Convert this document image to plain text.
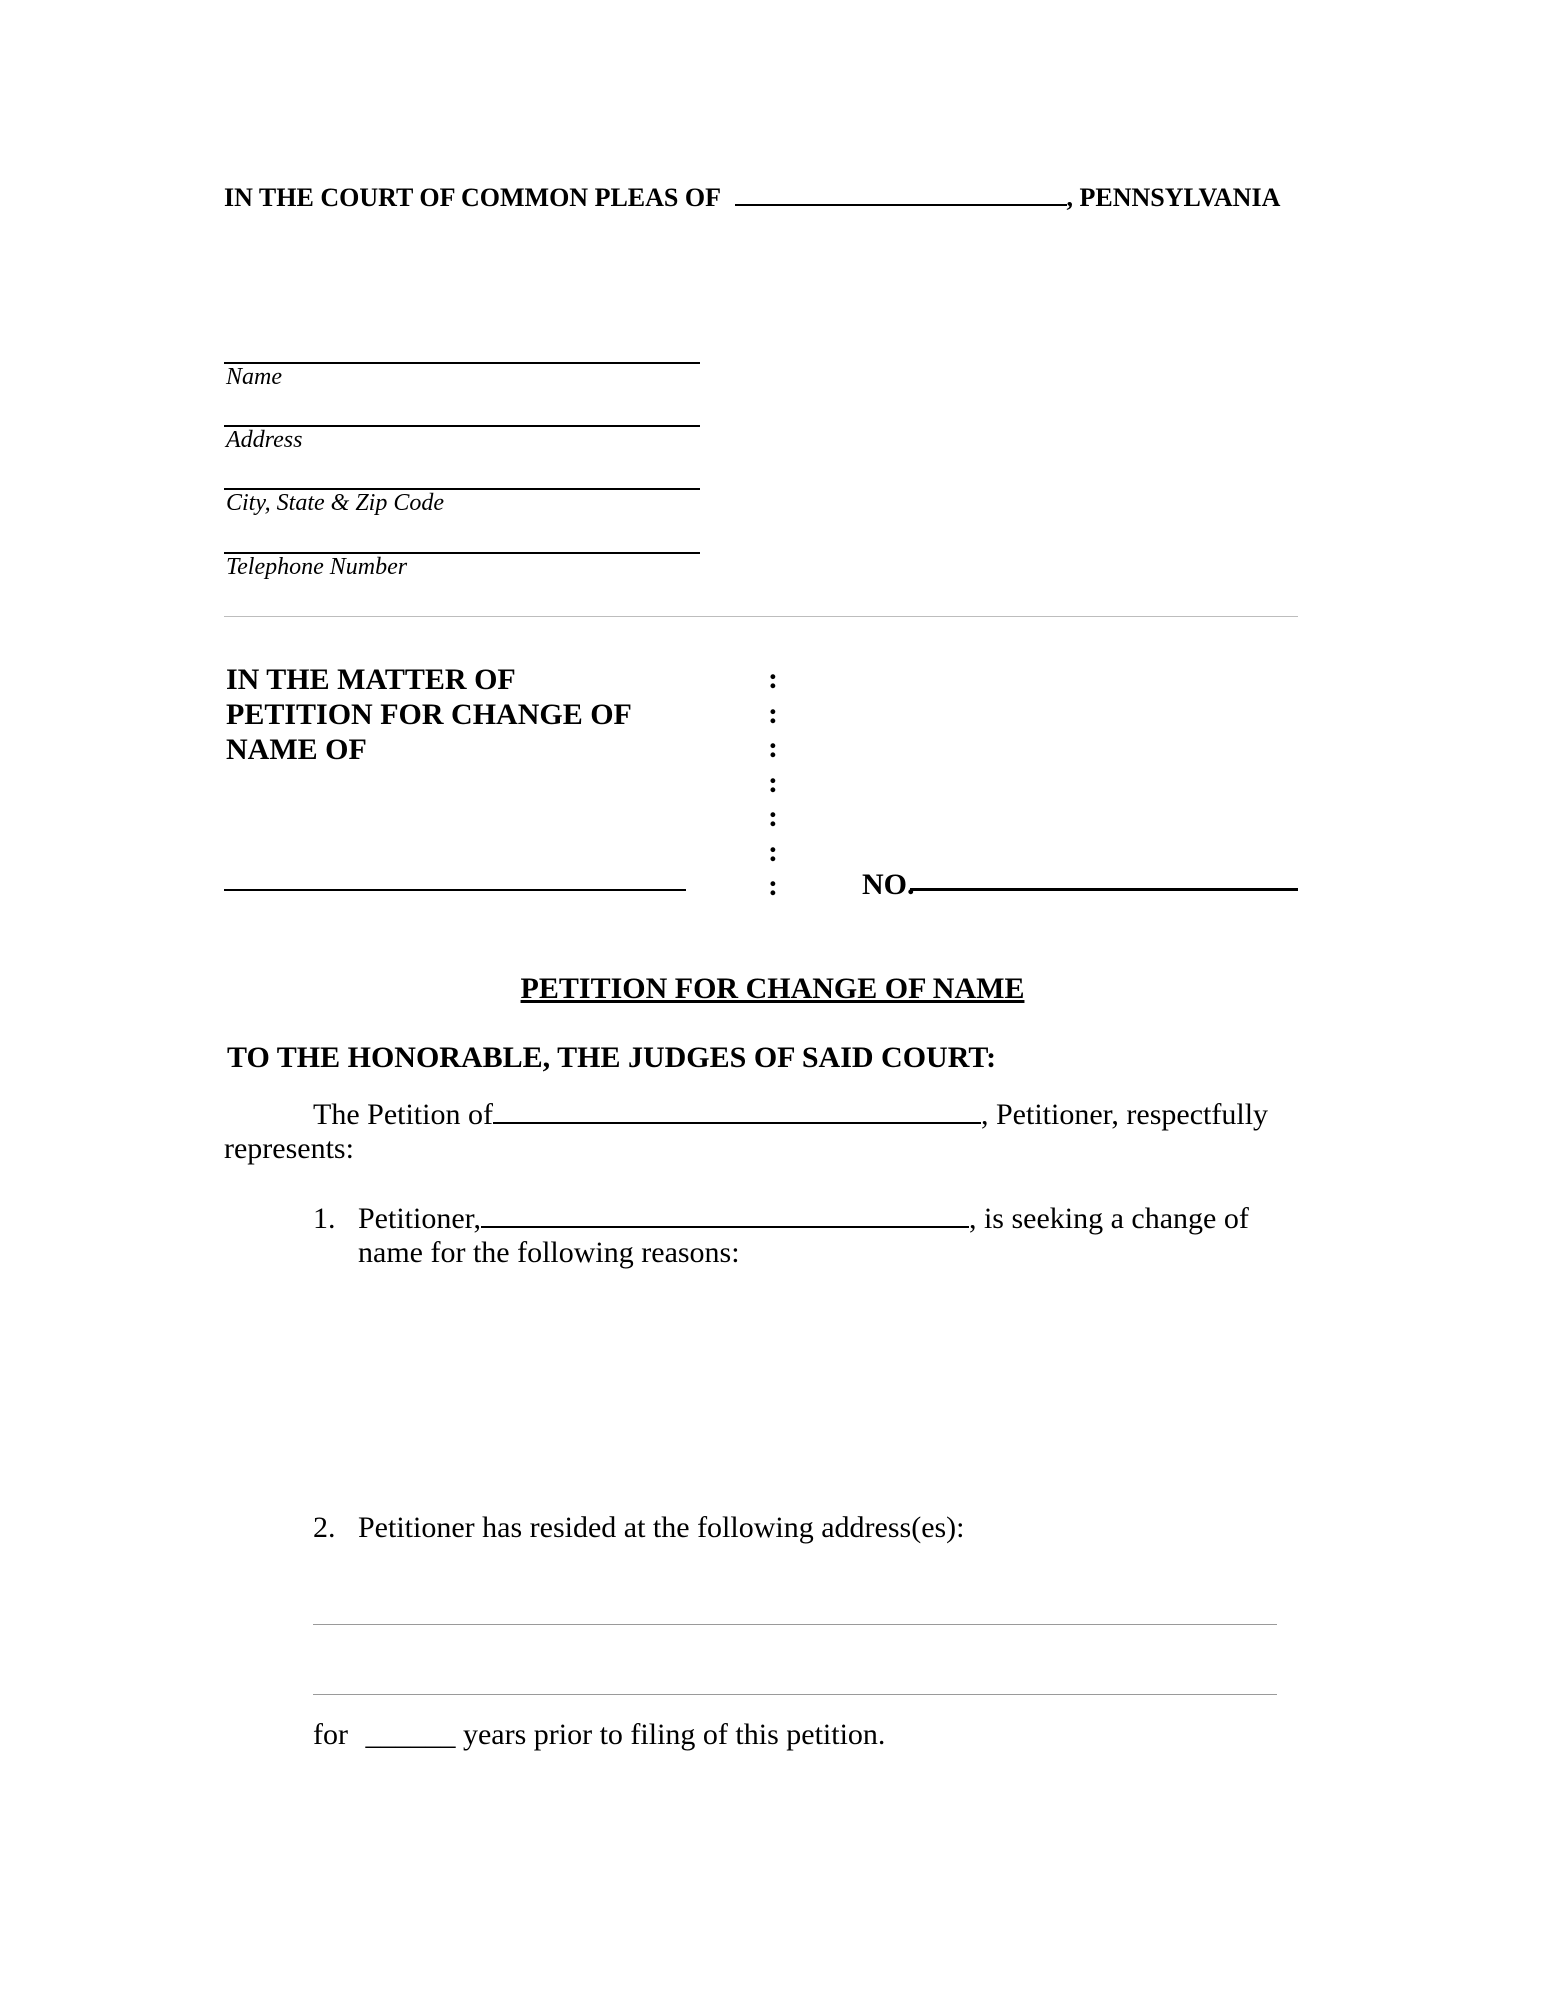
IN THE COURT OF COMMON PLEAS OF	, PENNSYLVANIA
Name
Address
City, State & Zip Code
Telephone Number
IN THE MATTER OF
PETITION FOR CHANGE OF
NAME OF
:
:
:
:
:
:
:	NO.
PETITION FOR CHANGE OF NAME
TO THE HONORABLE, THE JUDGES OF SAID COURT:
The Petition of	, Petitioner, respectfully
represents:
1. Petitioner,	, is seeking a change of
name for the following reasons:
2. Petitioner has resided at the following address(es):
for ______ years prior to filing of this petition.
